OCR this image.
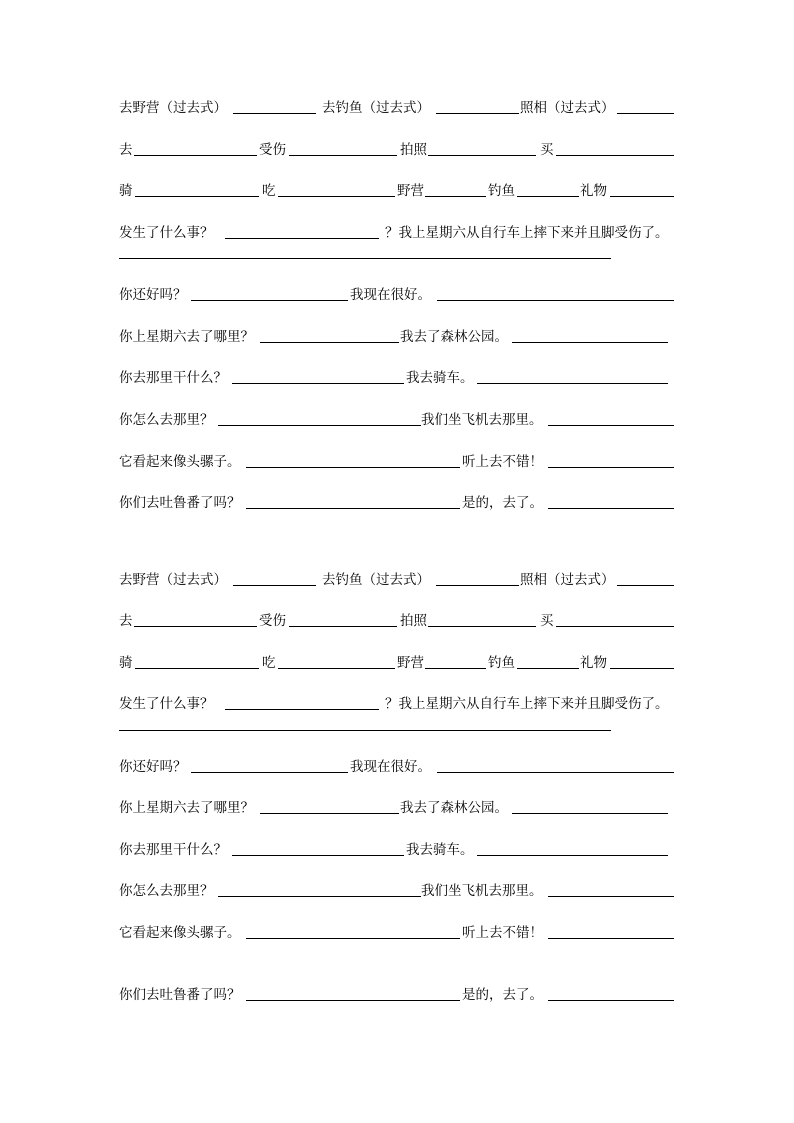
去野营（过去式）	去钓鱼（过去式）	照相（过去式）
去	受伤	拍照	买
骑	吃	野营	钓鱼	礼物
发生了什么事？	？我上星期六从自行车上摔下来并且脚受伤了。
你还好吗？	我现在很好。
你上星期六去了哪里？	我去了森林公园。
你去那里干什么？	我去骑车。
你怎么去那里？	我们坐飞机去那里。
它看起来像头骡子。	听上去不错！
你们去吐鲁番了吗？	是的，去了。
去野营（过去式）	去钓鱼（过去式）	照相（过去式）
去	受伤	拍照	买
骑	吃	野营	钓鱼	礼物
发生了什么事？	？我上星期六从自行车上摔下来并且脚受伤了。
你还好吗？	我现在很好。
你上星期六去了哪里？	我去了森林公园。
你去那里干什么？	我去骑车。
你怎么去那里？	我们坐飞机去那里。
它看起来像头骡子。	听上去不错！
你们去吐鲁番了吗？	是的，去了。
